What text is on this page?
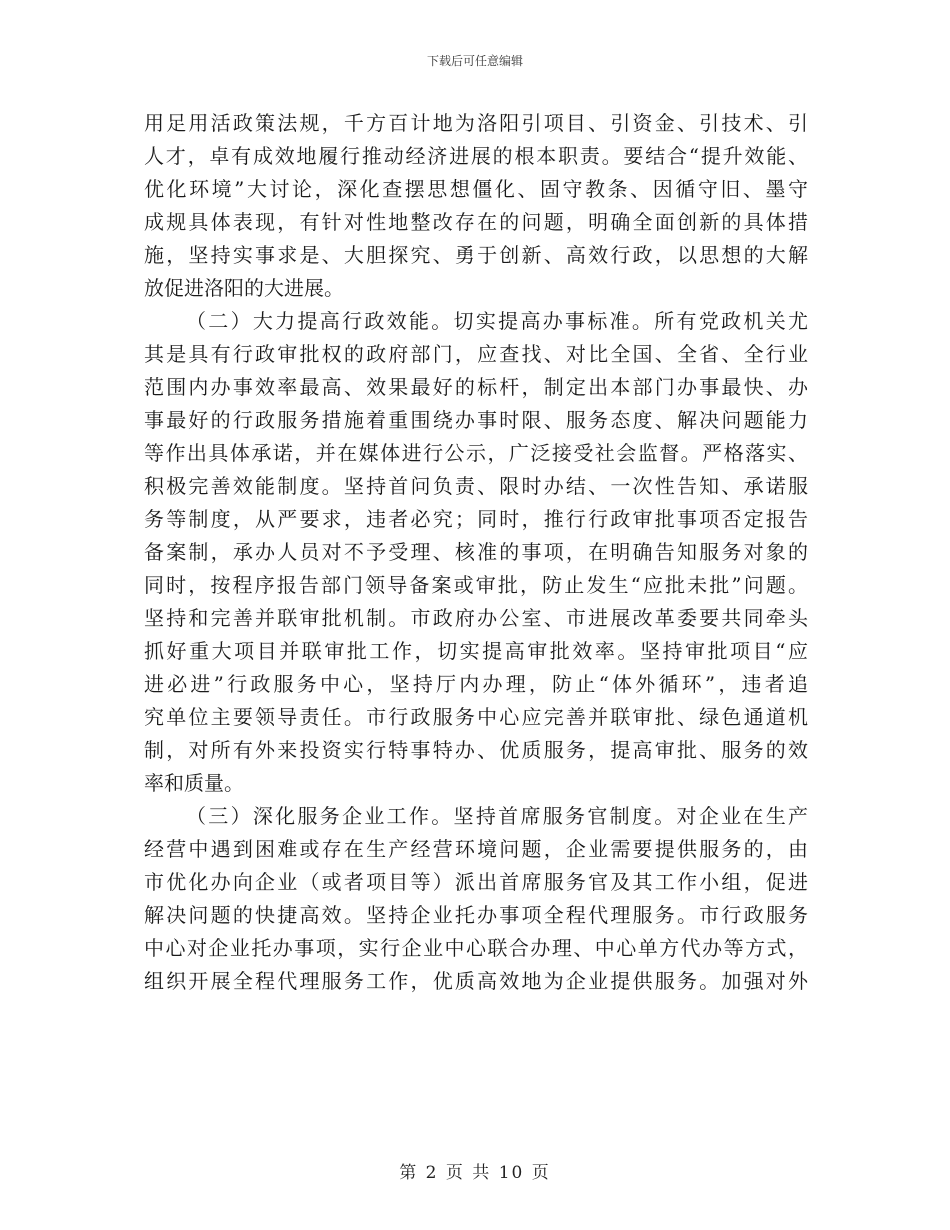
下载后可任意编辑
用足用活政策法规，千方百计地为洛阳引项目、引资金、引技术、引
人才，卓有成效地履行推动经济进展的根本职责。要结合“提升效能、
优化环境”大讨论，深化查摆思想僵化、固守教条、因循守旧、墨守
成规具体表现，有针对性地整改存在的问题，明确全面创新的具体措
施，坚持实事求是、大胆探究、勇于创新、高效行政，以思想的大解
放促进洛阳的大进展。
（二）大力提高行政效能。切实提高办事标准。所有党政机关尤
其是具有行政审批权的政府部门，应查找、对比全国、全省、全行业
范围内办事效率最高、效果最好的标杆，制定出本部门办事最快、办
事最好的行政服务措施着重围绕办事时限、服务态度、解决问题能力
等作出具体承诺，并在媒体进行公示，广泛接受社会监督。严格落实、
积极完善效能制度。坚持首问负责、限时办结、一次性告知、承诺服
务等制度，从严要求，违者必究；同时，推行行政审批事项否定报告
备案制，承办人员对不予受理、核准的事项，在明确告知服务对象的
同时，按程序报告部门领导备案或审批，防止发生“应批未批”问题。
坚持和完善并联审批机制。市政府办公室、市进展改革委要共同牵头
抓好重大项目并联审批工作，切实提高审批效率。坚持审批项目“应
进必进”行政服务中心，坚持厅内办理，防止“体外循环”，违者追
究单位主要领导责任。市行政服务中心应完善并联审批、绿色通道机
制，对所有外来投资实行特事特办、优质服务，提高审批、服务的效
率和质量。
（三）深化服务企业工作。坚持首席服务官制度。对企业在生产
经营中遇到困难或存在生产经营环境问题，企业需要提供服务的，由
市优化办向企业（或者项目等）派出首席服务官及其工作小组，促进
解决问题的快捷高效。坚持企业托办事项全程代理服务。市行政服务
中心对企业托办事项，实行企业中心联合办理、中心单方代办等方式，
组织开展全程代理服务工作，优质高效地为企业提供服务。加强对外
第 2 页 共 10 页
